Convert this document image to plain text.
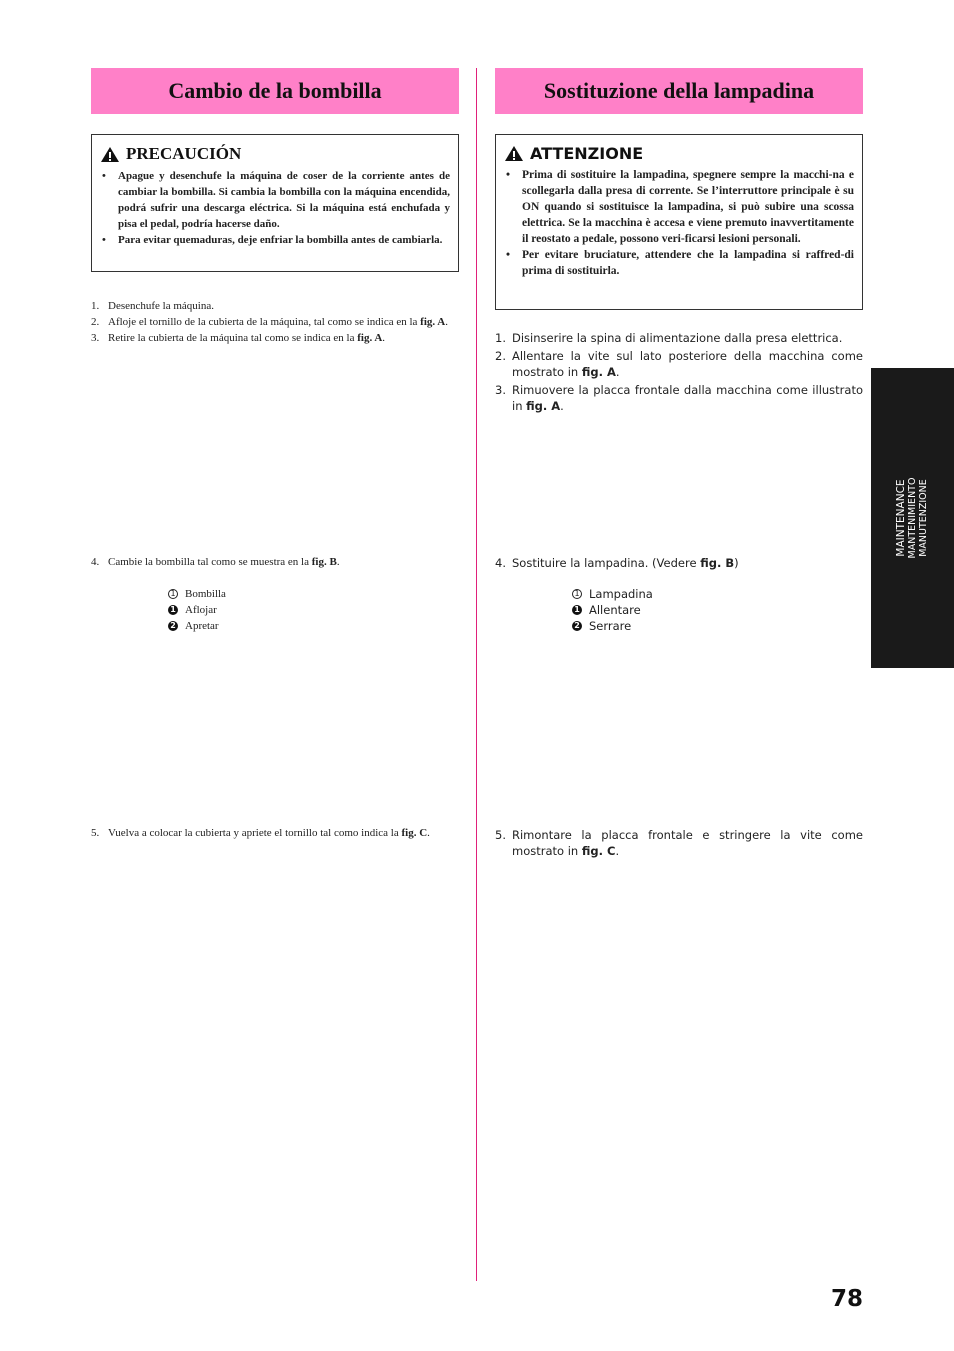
Cambio de la bombilla
PRECAUCIÓN
• Apague y desenchufe la máquina de coser de la corriente antes de cambiar la bombilla. Si cambia la bombilla con la máquina encendida, podrá sufrir una descarga eléctrica. Si la máquina está enchufada y pisa el pedal, podría hacerse daño.
• Para evitar quemaduras, deje enfriar la bombilla antes de cambiarla.
1. Desenchufe la máquina.
2. Afloje el tornillo de la cubierta de la máquina, tal como se indica en la fig. A.
3. Retire la cubierta de la máquina tal como se indica en la fig. A.
4. Cambie la bombilla tal como se muestra en la fig. B.
1 Bombilla
1 Aflojar
2 Apretar
5. Vuelva a colocar la cubierta y apriete el tornillo tal como indica la fig. C.
Sostituzione della lampadina
ATTENZIONE
• Prima di sostituire la lampadina, spegnere sempre la macchi-na e scollegarla dalla presa di corrente. Se l’interruttore principale è su ON quando si sostituisce la lampadina, si può subire una scossa elettrica. Se la macchina è accesa e viene premuto inavvertitamente il reostato a pedale, possono veri-ficarsi lesioni personali.
• Per evitare bruciature, attendere che la lampadina si raffred-di prima di sostituirla.
1. Disinserire la spina di alimentazione dalla presa elettrica.
2. Allentare la vite sul lato posteriore della macchina come mostrato in fig. A.
3. Rimuovere la placca frontale dalla macchina come illustrato in fig. A.
4. Sostituire la lampadina. (Vedere fig. B)
1 Lampadina
1 Allentare
2 Serrare
5. Rimontare la placca frontale e stringere la vite come mostrato in fig. C.
MAINTENANCE MANTENIMIENTO MANUTENZIONE
78
